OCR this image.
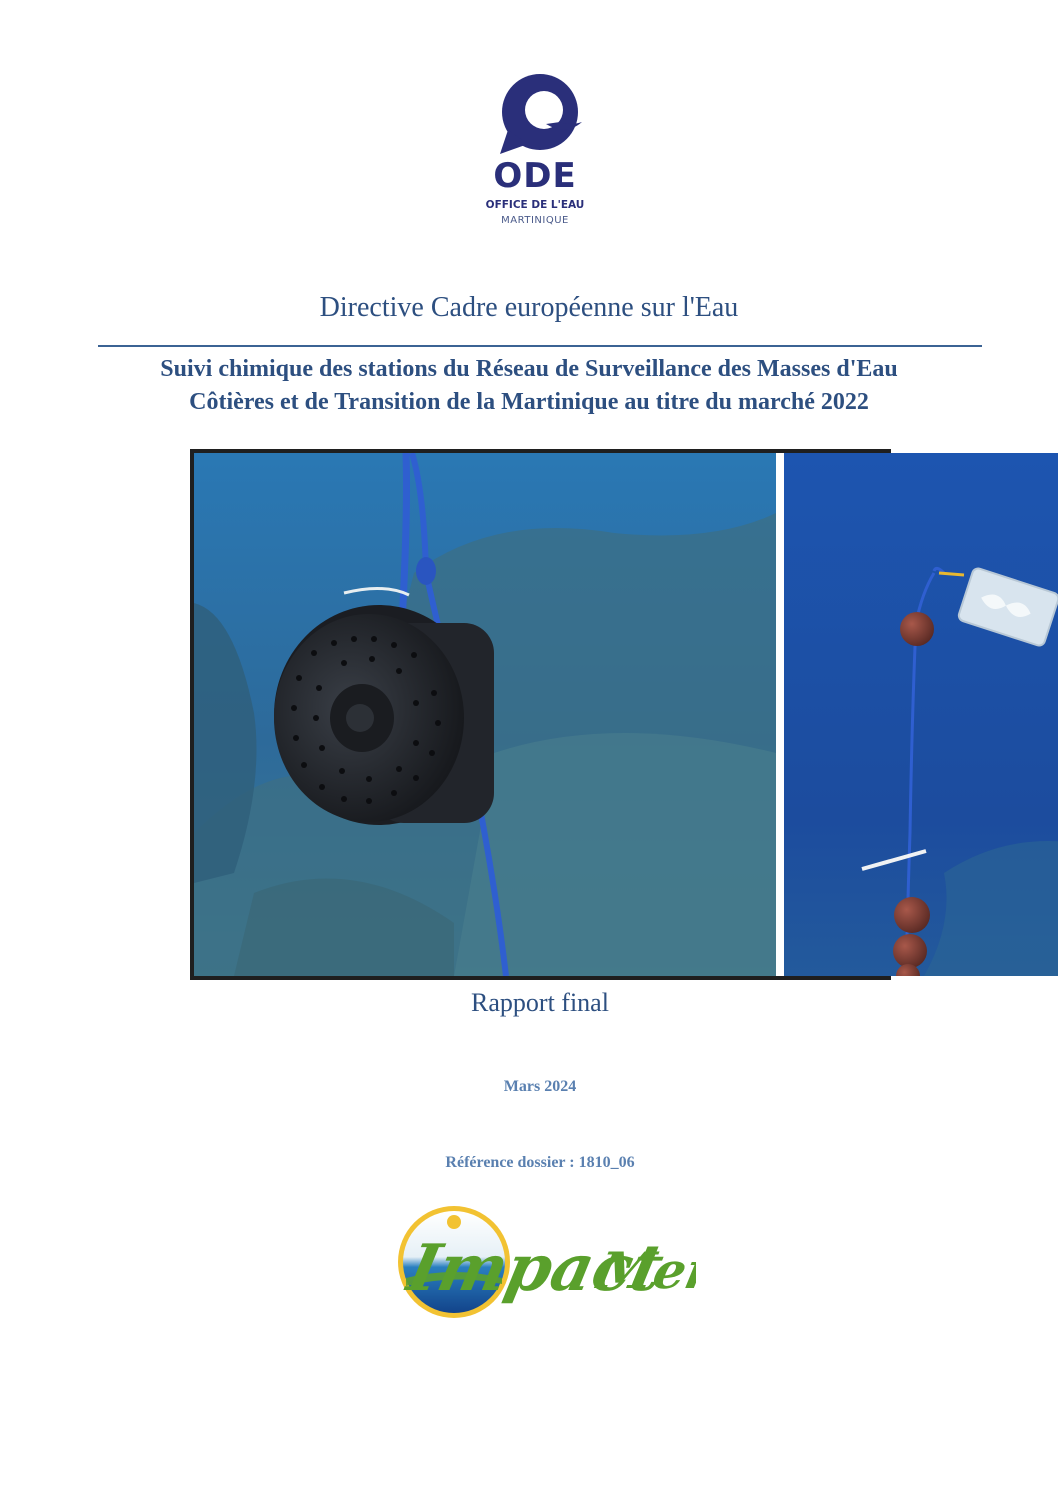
ODE
OFFICE DE L'EAU
MARTINIQUE
Directive Cadre européenne sur l'Eau
Suivi chimique des stations du Réseau de Surveillance des Masses d'Eau
Côtières et de Transition de la Martinique au titre du marché 2022
Rapport final
Mars 2024
Référence dossier : 1810_06
Impact
Mer
